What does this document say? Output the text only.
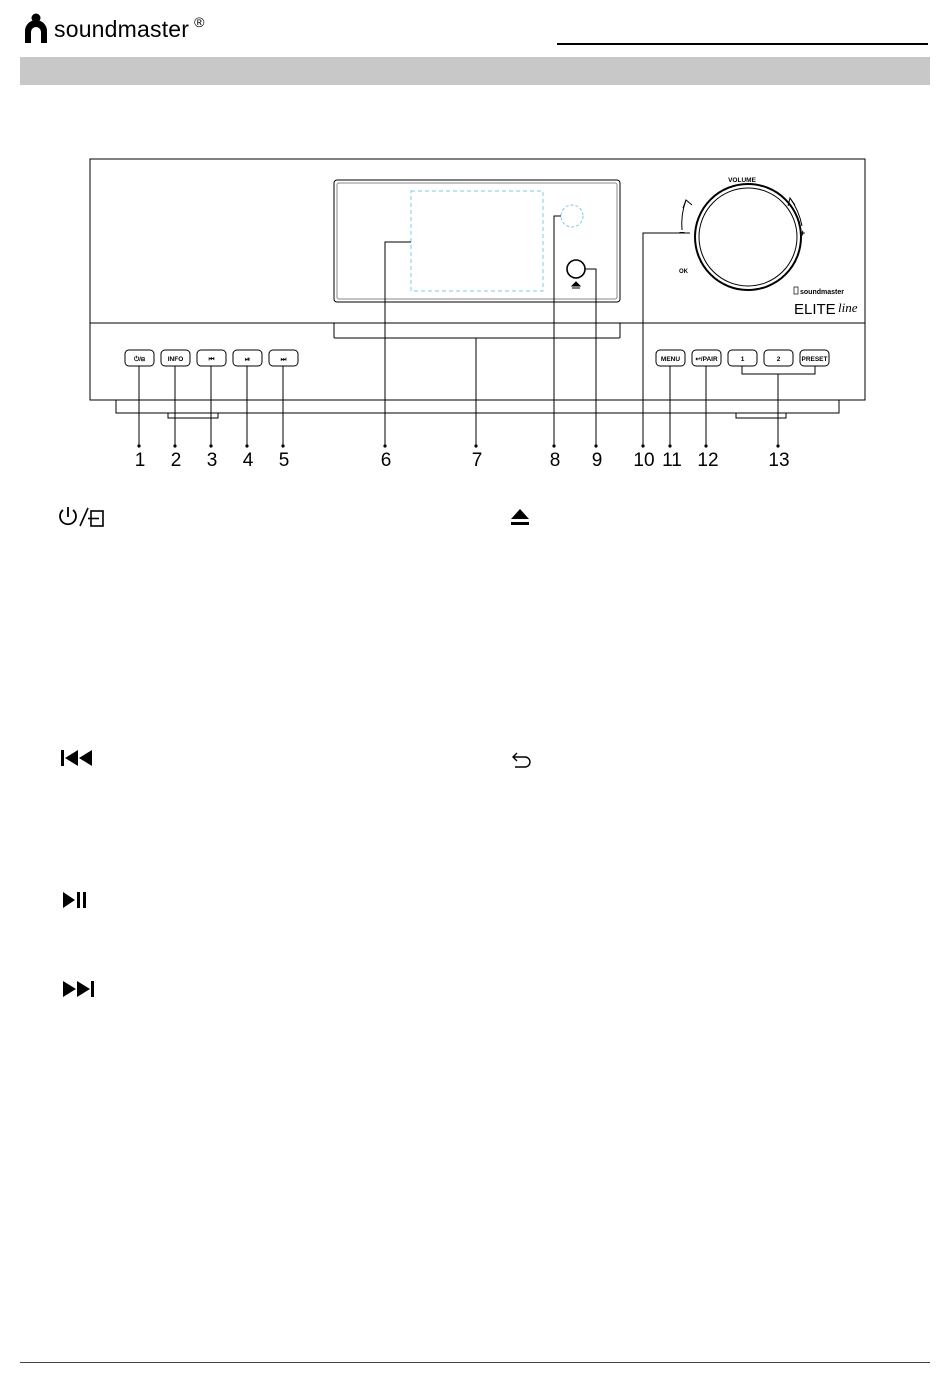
soundmaster ®
⏻/⊟	INFO	⏮	⏯	⏭	MENU ↩/PAIR	1	2	PRESET
VOLUME
−	+
OK
soundmaster
ELITE line
1 2 3 4 5	6	7	8 9 10 11 12	13
